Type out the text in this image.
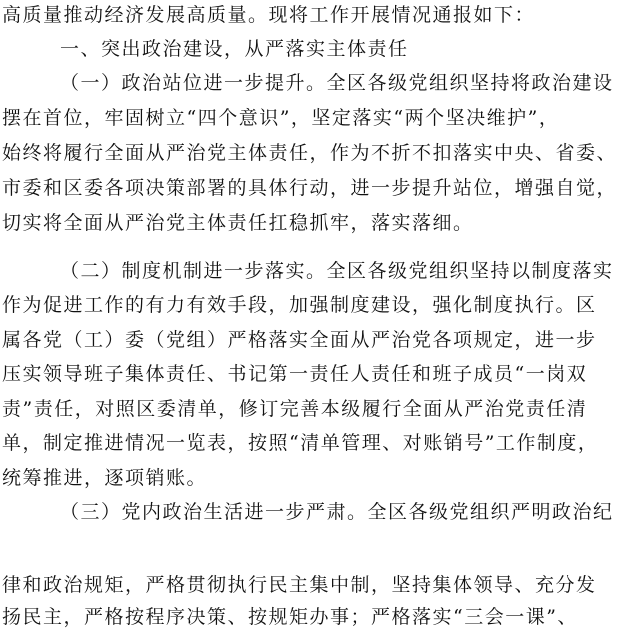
高质量推动经济发展高质量。现将工作开展情况通报如下：
一、突出政治建设，从严落实主体责任
（一）政治站位进一步提升。全区各级党组织坚持将政治建设
摆在首位，牢固树立“四个意识”，坚定落实“两个坚决维护”，
始终将履行全面从严治党主体责任，作为不折不扣落实中央、省委、
市委和区委各项决策部署的具体行动，进一步提升站位，增强自觉，
切实将全面从严治党主体责任扛稳抓牢，落实落细。
（二）制度机制进一步落实。全区各级党组织坚持以制度落实
作为促进工作的有力有效手段，加强制度建设，强化制度执行。区
属各党（工）委（党组）严格落实全面从严治党各项规定，进一步
压实领导班子集体责任、书记第一责任人责任和班子成员“一岗双
责”责任，对照区委清单，修订完善本级履行全面从严治党责任清
单，制定推进情况一览表，按照“清单管理、对账销号”工作制度，
统筹推进，逐项销账。
（三）党内政治生活进一步严肃。全区各级党组织严明政治纪
律和政治规矩，严格贯彻执行民主集中制，坚持集体领导、充分发
扬民主，严格按程序决策、按规矩办事；严格落实“三会一课”、
